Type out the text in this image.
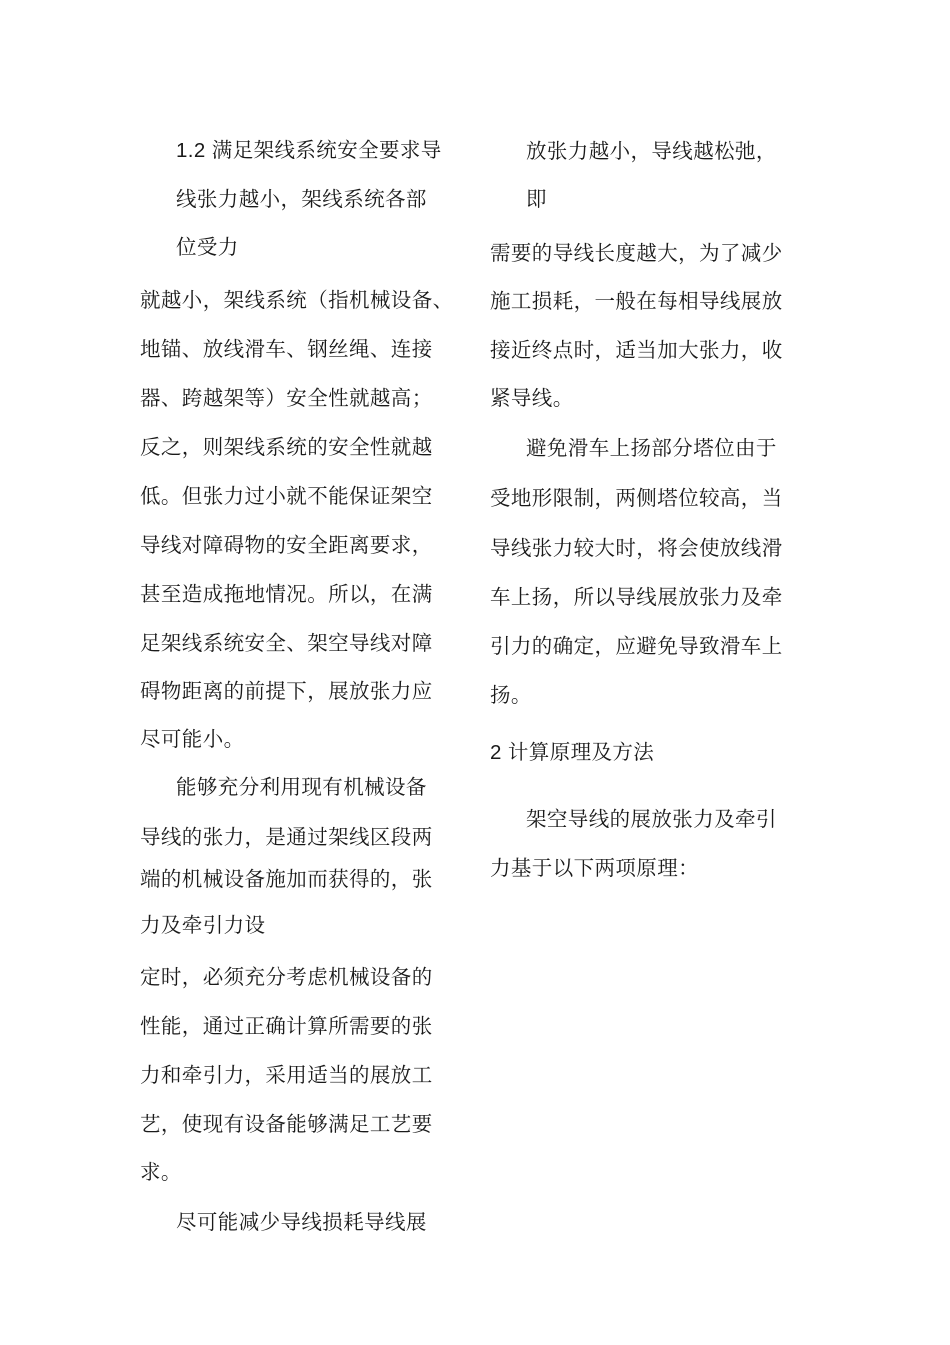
1.2 满足架线系统安全要求导
线张力越小，架线系统各部
位受力
就越小，架线系统（指机械设备、
地锚、放线滑车、钢丝绳、连接
器、跨越架等）安全性就越高；
反之，则架线系统的安全性就越
低。但张力过小就不能保证架空
导线对障碍物的安全距离要求，
甚至造成拖地情况。所以，在满
足架线系统安全、架空导线对障
碍物距离的前提下，展放张力应
尽可能小。
能够充分利用现有机械设备
导线的张力，是通过架线区段两
端的机械设备施加而获得的，张
力及牵引力设
定时，必须充分考虑机械设备的
性能，通过正确计算所需要的张
力和牵引力，采用适当的展放工
艺，使现有设备能够满足工艺要
求。
尽可能减少导线损耗导线展
放张力越小，导线越松弛，
即
需要的导线长度越大，为了减少
施工损耗，一般在每相导线展放
接近终点时，适当加大张力，收
紧导线。
避免滑车上扬部分塔位由于
受地形限制，两侧塔位较高，当
导线张力较大时，将会使放线滑
车上扬，所以导线展放张力及牵
引力的确定，应避免导致滑车上
扬。
2 计算原理及方法
架空导线的展放张力及牵引
力基于以下两项原理：
